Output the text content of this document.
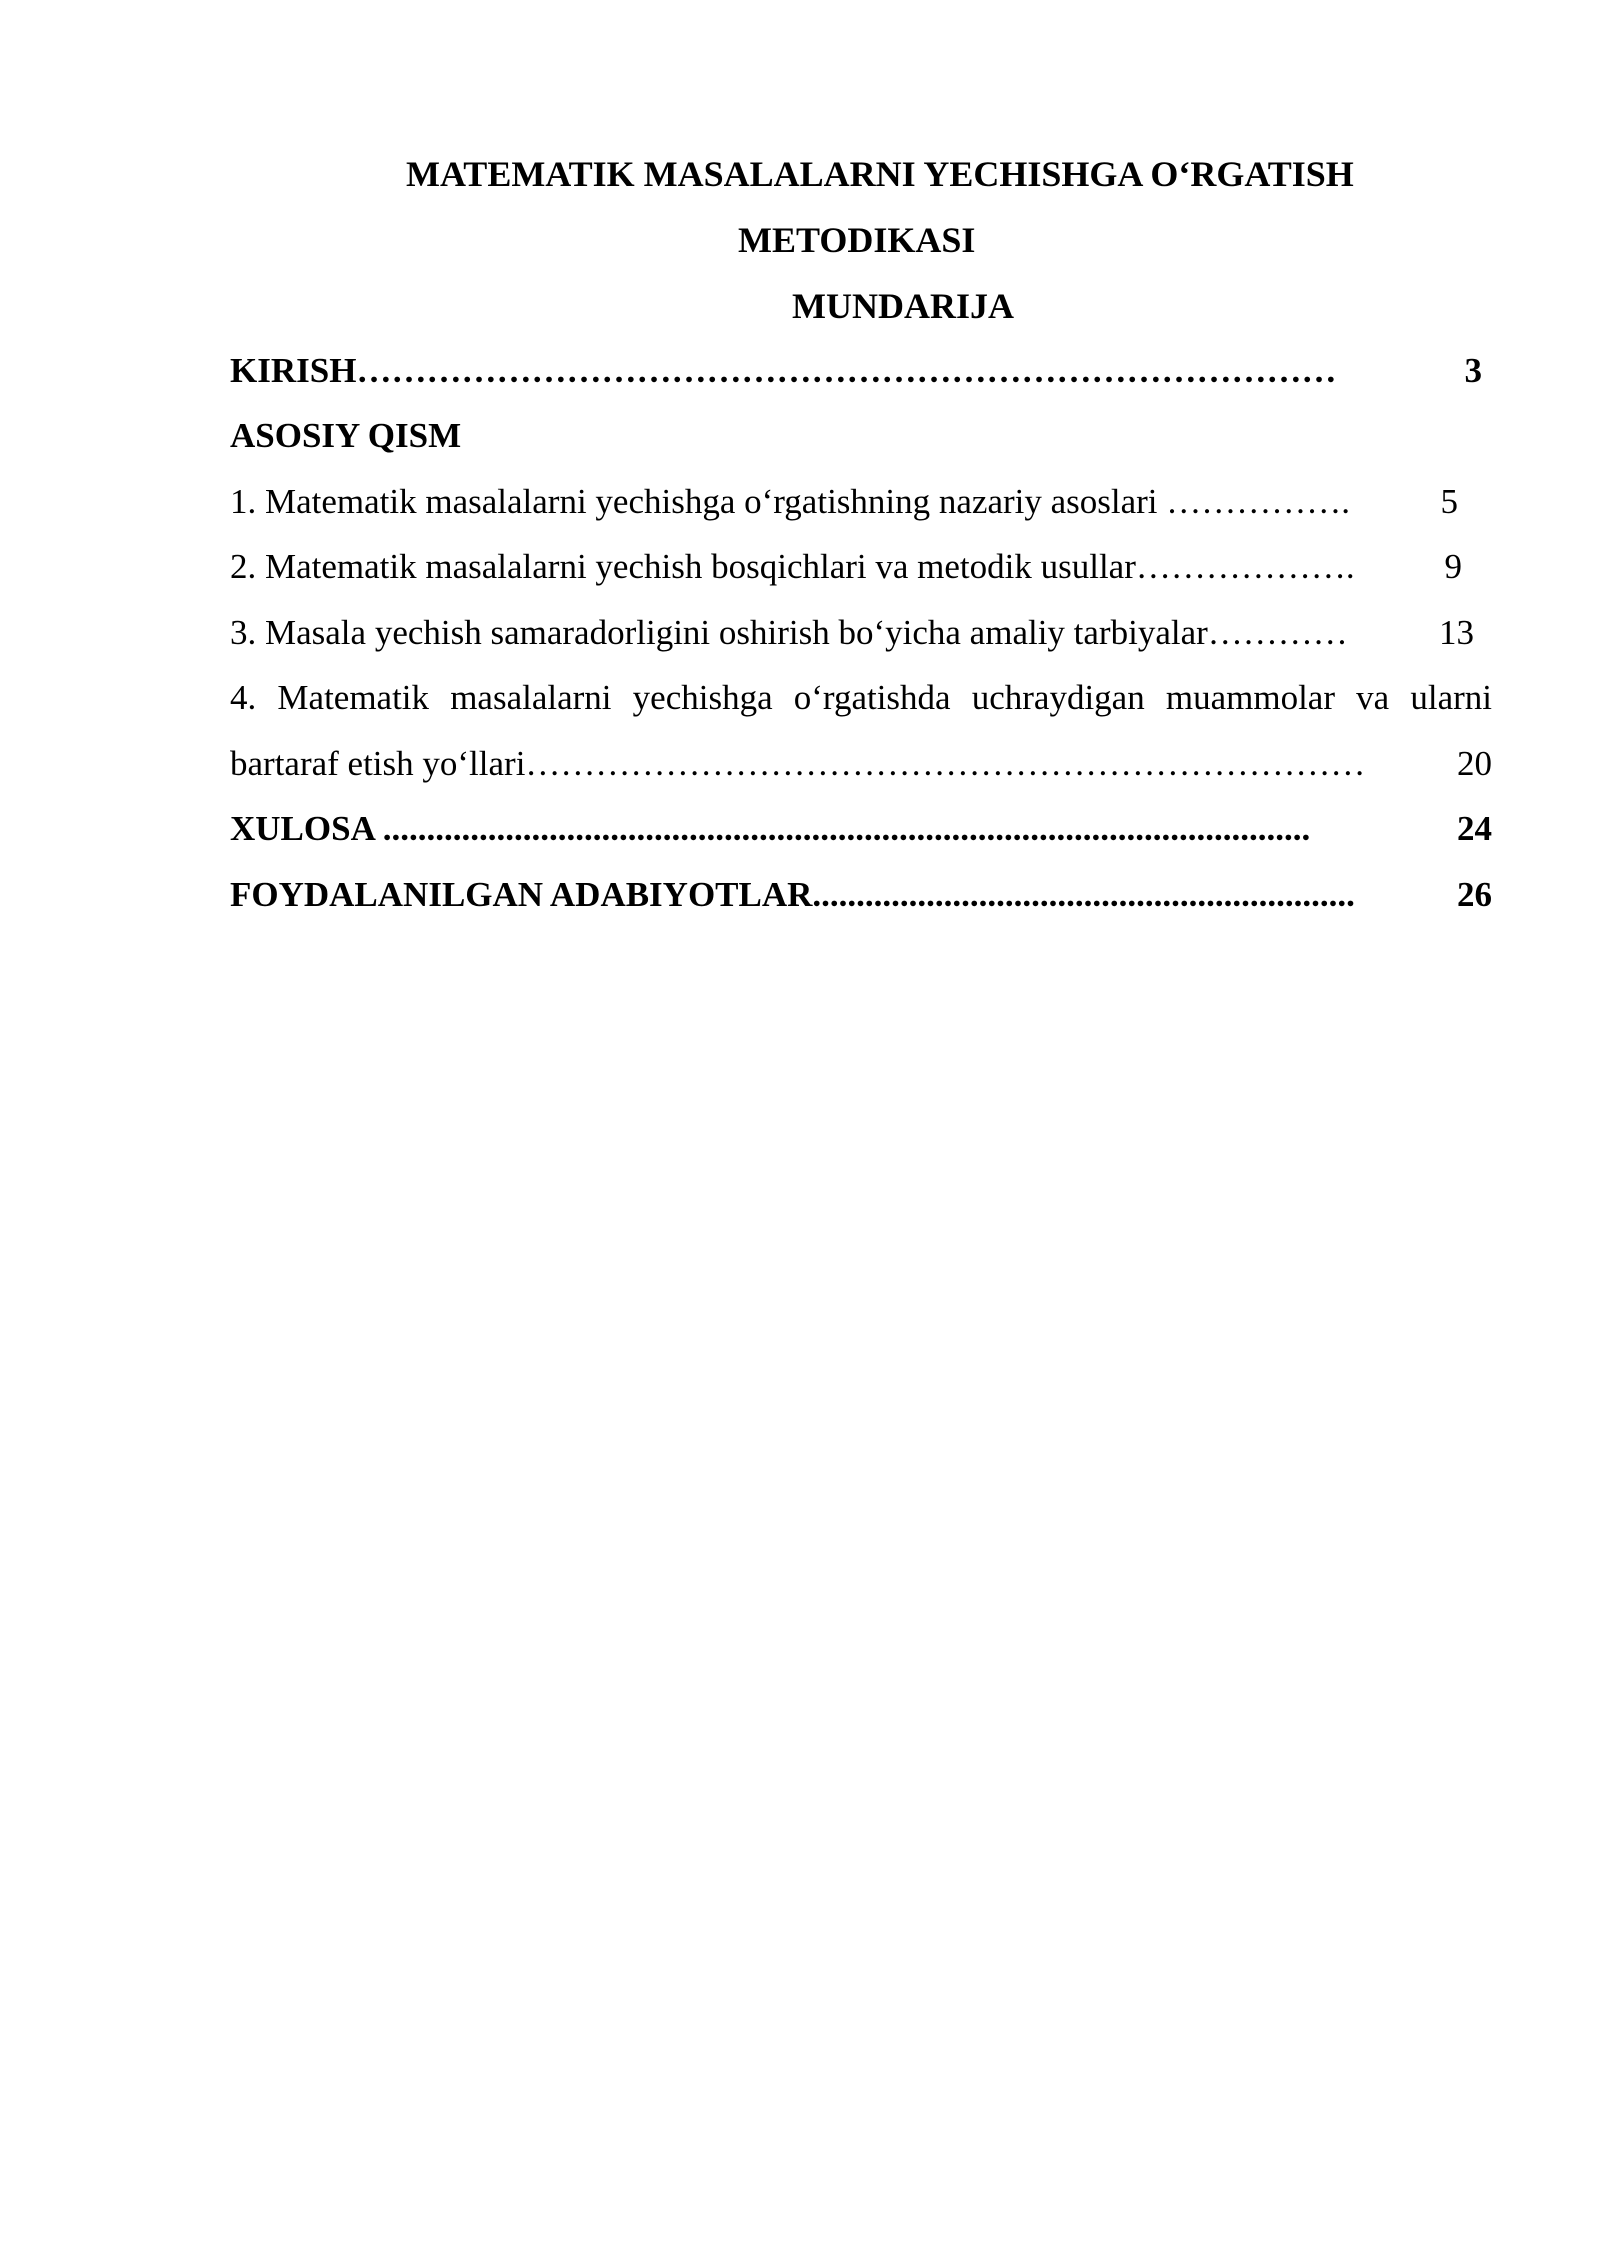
MATEMATIK MASALALARNI YECHISHGA O‘RGATISH
METODIKASI
MUNDARIJA
KIRISH …………………………………………………………………………	3
ASOSIY QISM
1. Matematik masalalarni yechishga o‘rgatishning nazariy asoslari …………….	5
2. Matematik masalalarni yechish bosqichlari va metodik usullar ……………….	9
3. Masala yechish samaradorligini oshirish bo‘yicha amaliy tarbiyalar …………	13
4. Matematik masalalarni yechishga o‘rgatishda uchraydigan muammolar va ularni
bartaraf etish yo‘llari ………………………………………………………………	20
XULOSA ..........................................................................................................	24
FOYDALANILGAN ADABIYOTLAR ..............................................................	26
